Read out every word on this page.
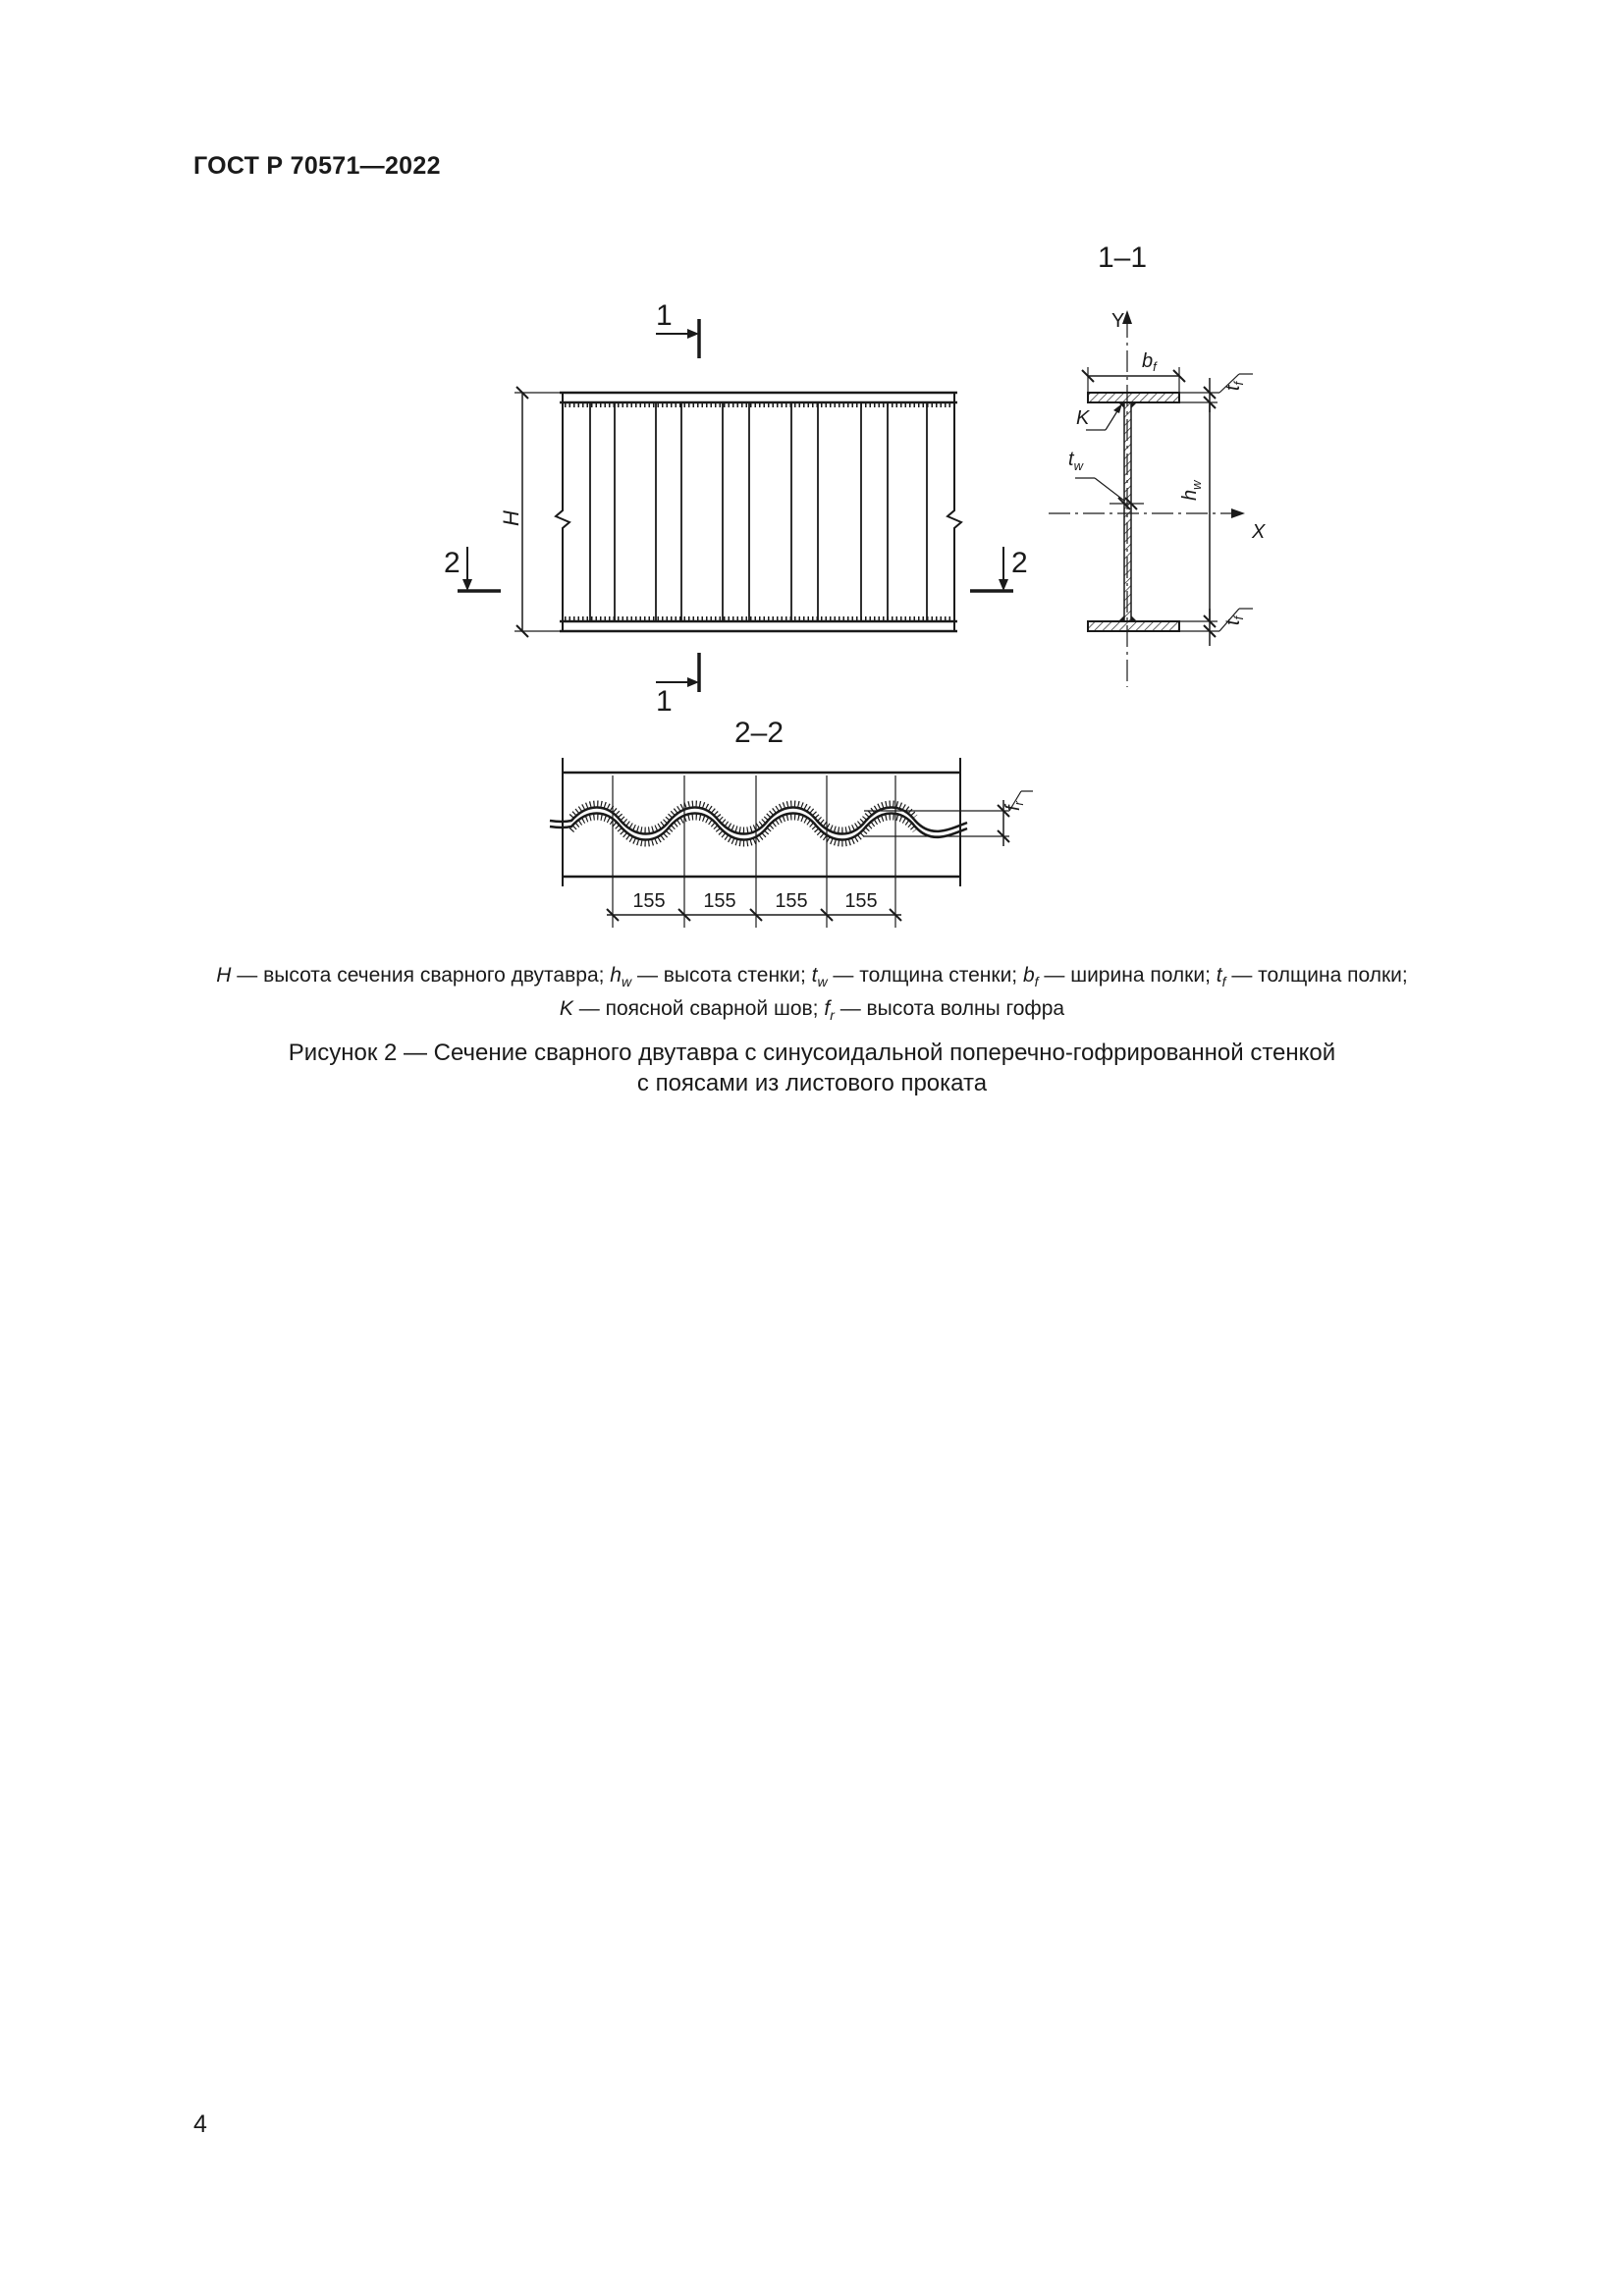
ГОСТ Р 70571—2022
H
1
1
2	2
1–1
Y
X
$b_f$
K
$t_w$
$h_w$
$t_f$
$t_f$
2–2
$f_r$
155 155 155 155
H — высота сечения сварного двутавра; $h_w$ — высота стенки; $t_w$ — толщина стенки; $b_f$ — ширина полки; $t_f$ — толщина полки;
K — поясной сварной шов; $f_r$ — высота волны гофра
Рисунок 2 — Сечение сварного двутавра с синусоидальной поперечно-гофрированной стенкой
с поясами из листового проката
4
